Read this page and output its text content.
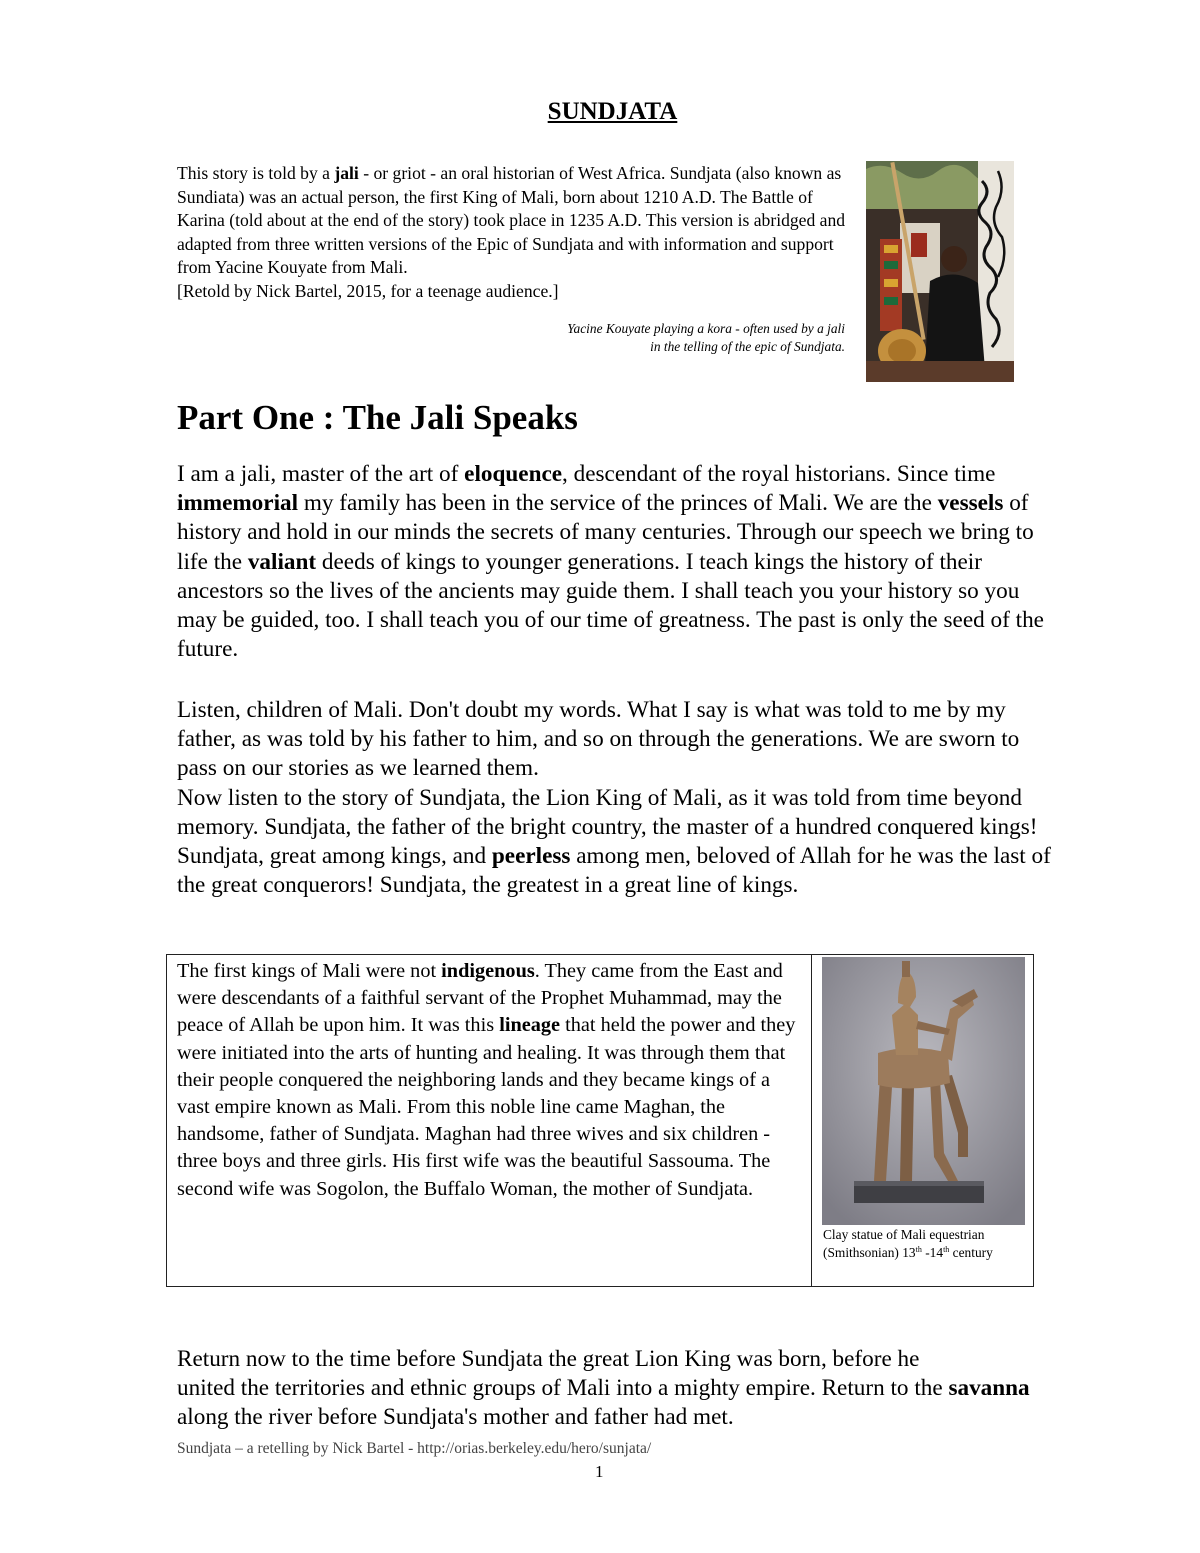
SUNDJATA

This story is told by a jali - or griot - an oral historian of West Africa. Sundjata (also known as Sundiata) was an actual person, the first King of Mali, born about 1210 A.D. The Battle of Karina (told about at the end of the story) took place in 1235 A.D. This version is abridged and adapted from three written versions of the Epic of Sundjata and with information and support from Yacine Kouyate from Mali.

[Retold by Nick Bartel, 2015, for a teenage audience.]

Yacine Kouyate playing a kora - often used by a jali
in the telling of the epic of Sundjata.
Part One : The Jali Speaks

I am a jali, master of the art of eloquence, descendant of the royal historians. Since time immemorial my family has been in the service of the princes of Mali. We are the vessels of history and hold in our minds the secrets of many centuries. Through our speech we bring to life the valiant deeds of kings to younger generations. I teach kings the history of their ancestors so the lives of the ancients may guide them. I shall teach you your history so you may be guided, too. I shall teach you of our time of greatness. The past is only the seed of the future.

Listen, children of Mali. Don't doubt my words. What I say is what was told to me by my father, as was told by his father to him, and so on through the generations. We are sworn to pass on our stories as we learned them.

Now listen to the story of Sundjata, the Lion King of Mali, as it was told from time beyond memory. Sundjata, the father of the bright country, the master of a hundred conquered kings! Sundjata, great among kings, and peerless among men, beloved of Allah for he was the last of the great conquerors! Sundjata, the greatest in a great line of kings.

The first kings of Mali were not indigenous. They came from the East and were descendants of a faithful servant of the Prophet Muhammad, may the peace of Allah be upon him. It was this lineage that held the power and they were initiated into the arts of hunting and healing. It was through them that their people conquered the neighboring lands and they became kings of a vast empire known as Mali. From this noble line came Maghan, the handsome, father of Sundjata. Maghan had three wives and six children - three boys and three girls. His first wife was the beautiful Sassouma. The second wife was Sogolon, the Buffalo Woman, the mother of Sundjata.
Clay statue of Mali equestrian
(Smithsonian) 13th -14th century

Return now to the time before Sundjata the great Lion King was born, before he

united the territories and ethnic groups of Mali into a mighty empire. Return to the savanna along the river before Sundjata's mother and father had met.

Sundjata – a retelling by Nick Bartel - http://orias.berkeley.edu/hero/sunjata/
1
